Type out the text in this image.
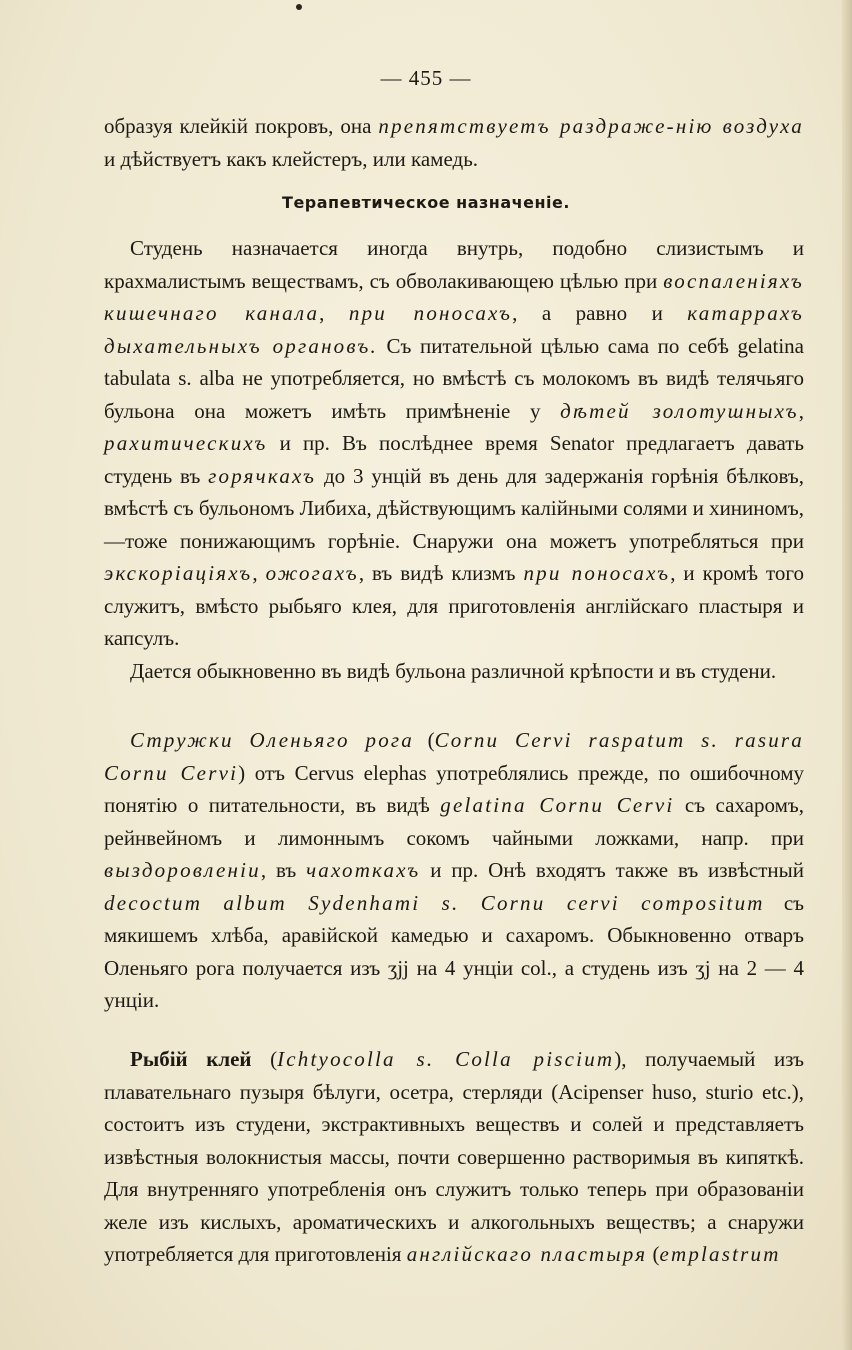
— 455 —

образуя клейкій покровъ, она препятствуетъ раздраже-нію воздуха и дѣйствуетъ какъ клейстеръ, или камедь.

Терапевтическое назначеніе.

Студень назначается иногда внутрь, подобно слизистымъ и крахмалистымъ веществамъ, съ обволакивающею цѣлью при воспаленіяхъ кишечнаго канала, при поносахъ, а равно и катаррахъ дыхательныхъ органовъ. Съ питательной цѣлью сама по себѣ gelatina tabulata s. alba не употребляется, но вмѣстѣ съ молокомъ въ видѣ телячьяго бульона она можетъ имѣть примѣненіе у дѣтей золотушныхъ, рахитическихъ и пр. Въ послѣднее время Senator предлагаетъ давать студень въ горячкахъ до 3 унцій въ день для задержанія горѣнія бѣлковъ, вмѣстѣ съ бульономъ Либиха, дѣйствующимъ калійными солями и хининомъ,—тоже понижающимъ горѣніе. Снаружи она можетъ употребляться при экскоріаціяхъ, ожогахъ, въ видѣ клизмъ при поносахъ, и кромѣ того служитъ, вмѣсто рыбьяго клея, для приготовленія англійскаго пластыря и капсулъ.

Дается обыкновенно въ видѣ бульона различной крѣпости и въ студени.

Стружки Оленьяго рога (Cornu Cervi raspatum s. rasura Cornu Cervi) отъ Cervus elephas употреблялись прежде, по ошибочному понятію о питательности, въ видѣ gelatina Cornu Cervi съ сахаромъ, рейнвейномъ и лимоннымъ сокомъ чайными ложками, напр. при выздоровленіи, въ чахоткахъ и пр. Онѣ входятъ также въ извѣстный decoctum album Sydenhami s. Cornu cervi compositum съ мякишемъ хлѣба, аравійской камедью и сахаромъ. Обыкновенно отваръ Оленьяго рога получается изъ ʒjj на 4 унціи col., а студень изъ ʒj на 2 — 4 унціи.

Рыбій клей (Ichtyocolla s. Colla piscium), получаемый изъ плавательнаго пузыря бѣлуги, осетра, стерляди (Acipenser huso, sturio etc.), состоитъ изъ студени, экстрактивныхъ веществъ и солей и представляетъ извѣстныя волокнистыя массы, почти совершенно растворимыя въ кипяткѣ. Для внутренняго употребленія онъ служитъ только теперь при образованіи желе изъ кислыхъ, ароматическихъ и алкогольныхъ веществъ; а снаружи употребляется для приготовленія англійскаго пластыря (emplastrum
